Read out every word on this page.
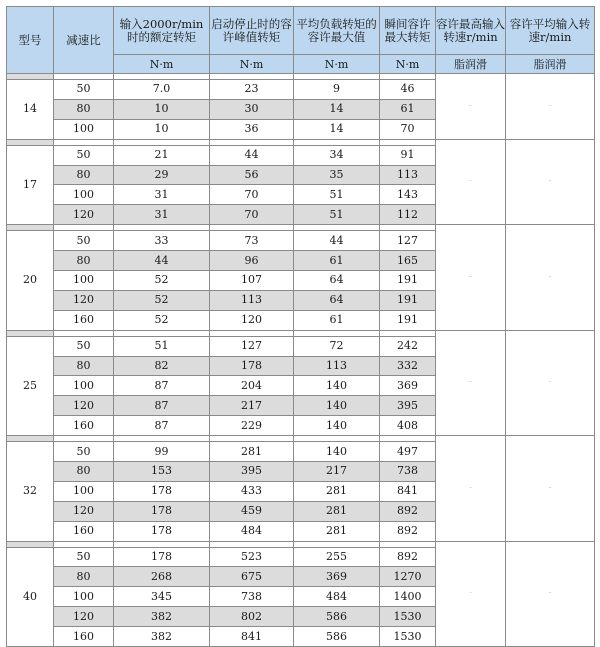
型号	减速比	输入2000r/min时的额定转矩	启动停止时的容许峰值转矩	平均负载转矩的容许最大值	瞬间容许最大转矩	容许最高输入转速r/min	容许平均输入转速r/min
		N·m	N·m	N·m	N·m	脂润滑	脂润滑
						8500	3500
14	50	7.0	23	9	46		
	80	10	30	14	61		
	100	10	36	14	70		
						7300	3500
17	50	21	44	34	91		
	80	29	56	35	113		
	100	31	70	51	143		
	120	31	70	51	112		
						6500	3500
20	50	33	73	44	127		
	80	44	96	61	165		
	100	52	107	64	191		
	120	52	113	64	191		
	160	52	120	61	191		
						5600	3500
25	50	51	127	72	242		
	80	82	178	113	332		
	100	87	204	140	369		
	120	87	217	140	395		
	160	87	229	140	408		
						4800	3500
32	50	99	281	140	497		
	80	153	395	217	738		
	100	178	433	281	841		
	120	178	459	281	892		
	160	178	484	281	892		
						4000	3000
40	50	178	523	255	892		
	80	268	675	369	1270		
	100	345	738	484	1400		
	120	382	802	586	1530		
	160	382	841	586	1530		
